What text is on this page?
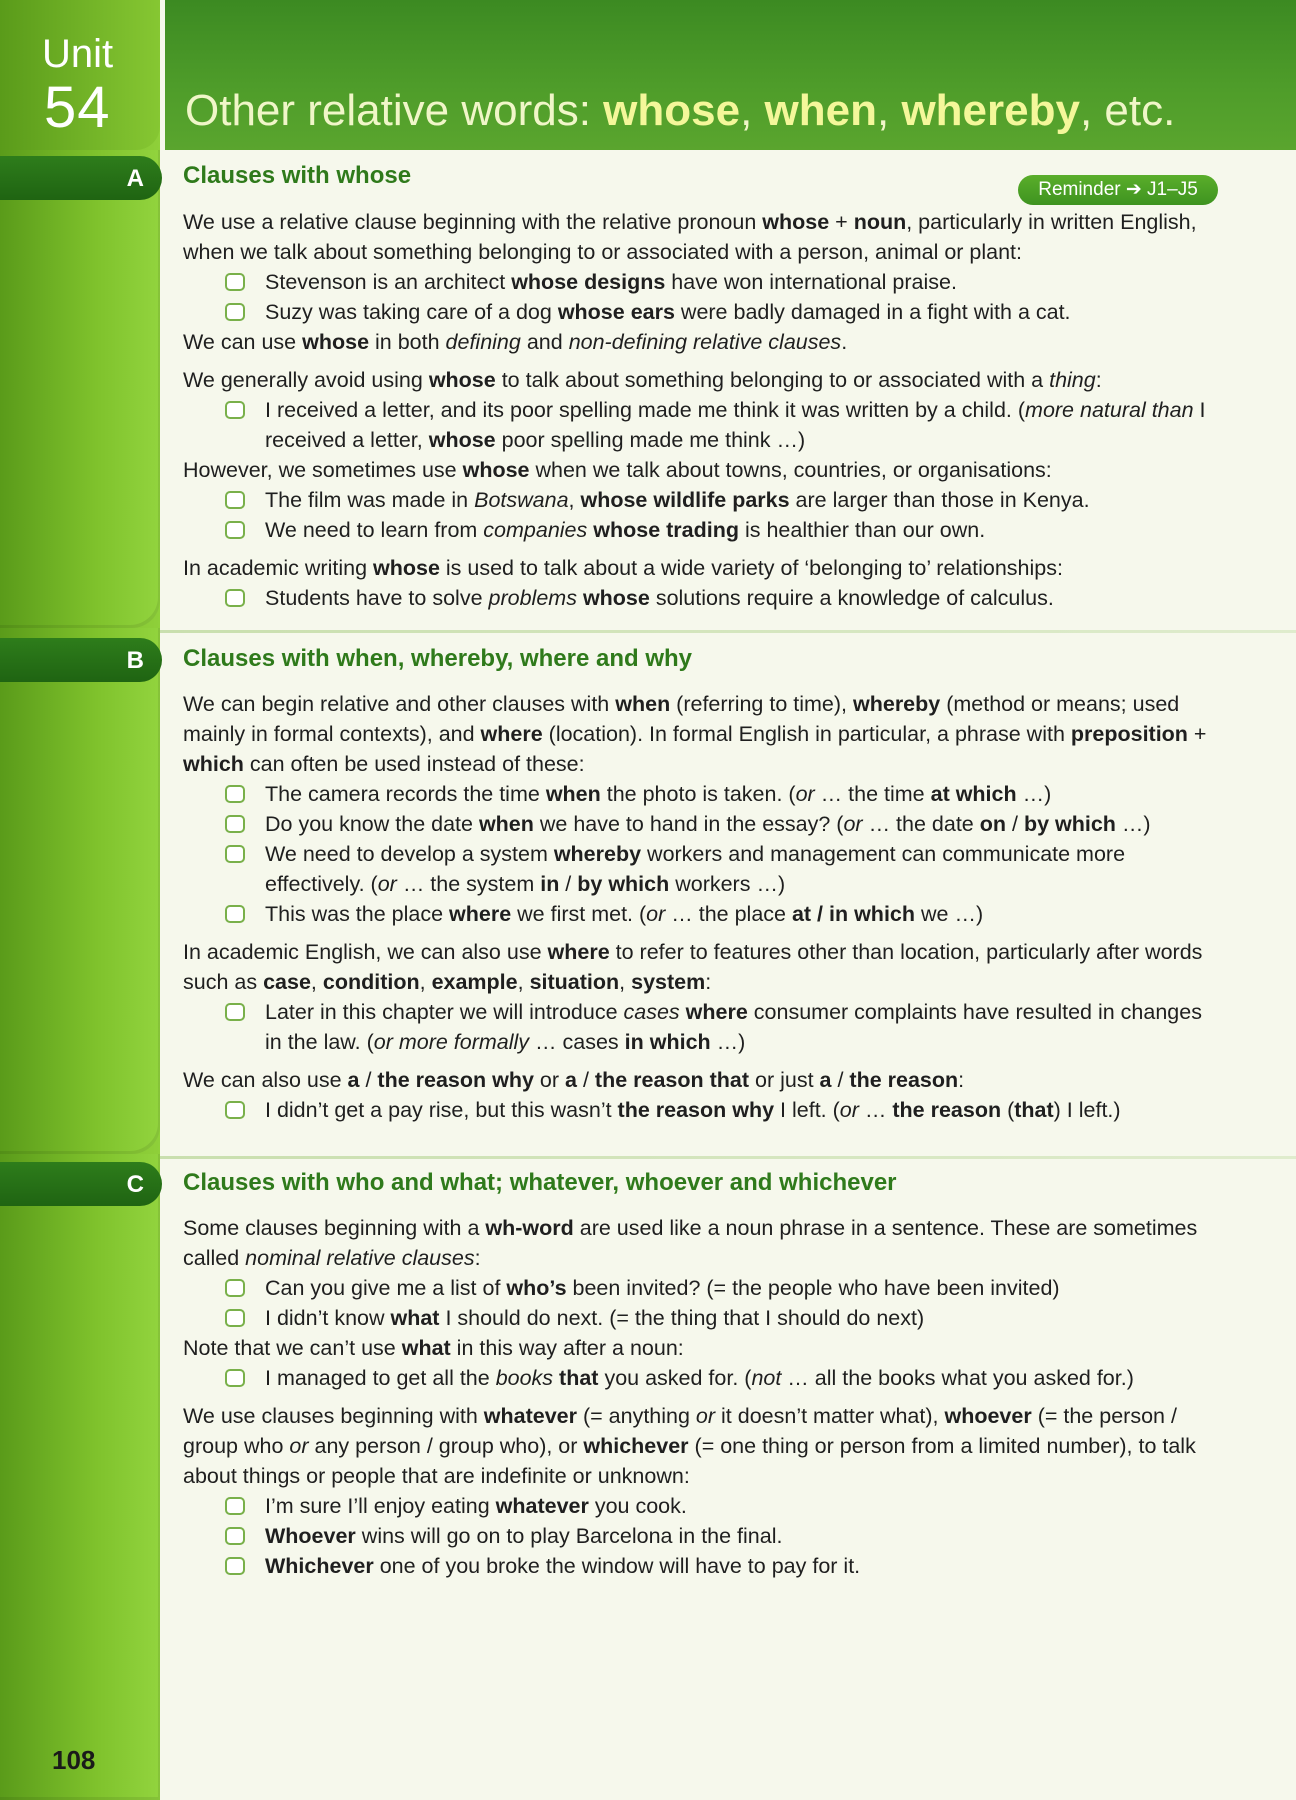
Unit
54 Other relative words: whose, when, whereby, etc.
A Clauses with whose
Reminder ➔ J1–J5

We use a relative clause beginning with the relative pronoun whose + noun, particularly in written English, when we talk about something belonging to or associated with a person, animal or plant:

Stevenson is an architect whose designs have won international praise.

Suzy was taking care of a dog whose ears were badly damaged in a fight with a cat.

We can use whose in both defining and non-defining relative clauses.

We generally avoid using whose to talk about something belonging to or associated with a thing:

I received a letter, and its poor spelling made me think it was written by a child. (more natural than I received a letter, whose poor spelling made me think …)

However, we sometimes use whose when we talk about towns, countries, or organisations:

The film was made in Botswana, whose wildlife parks are larger than those in Kenya.

We need to learn from companies whose trading is healthier than our own.

In academic writing whose is used to talk about a wide variety of ‘belonging to’ relationships:

Students have to solve problems whose solutions require a knowledge of calculus.

B Clauses with when, whereby, where and why

We can begin relative and other clauses with when (referring to time), whereby (method or means; used mainly in formal contexts), and where (location). In formal English in particular, a phrase with preposition + which can often be used instead of these:

The camera records the time when the photo is taken. (or … the time at which …)

Do you know the date when we have to hand in the essay? (or … the date on / by which …)

We need to develop a system whereby workers and management can communicate more effectively. (or … the system in / by which workers …)

This was the place where we first met. (or … the place at / in which we …)

In academic English, we can also use where to refer to features other than location, particularly after words such as case, condition, example, situation, system:

Later in this chapter we will introduce cases where consumer complaints have resulted in changes in the law. (or more formally … cases in which …)

We can also use a / the reason why or a / the reason that or just a / the reason:

I didn’t get a pay rise, but this wasn’t the reason why I left. (or … the reason (that) I left.)

C Clauses with who and what; whatever, whoever and whichever

Some clauses beginning with a wh-word are used like a noun phrase in a sentence. These are sometimes called nominal relative clauses:

Can you give me a list of who’s been invited? (= the people who have been invited)

I didn’t know what I should do next. (= the thing that I should do next)

Note that we can’t use what in this way after a noun:

I managed to get all the books that you asked for. (not … all the books what you asked for.)

We use clauses beginning with whatever (= anything or it doesn’t matter what), whoever (= the person / group who or any person / group who), or whichever (= one thing or person from a limited number), to talk about things or people that are indefinite or unknown:

I’m sure I’ll enjoy eating whatever you cook.

Whoever wins will go on to play Barcelona in the final.

Whichever one of you broke the window will have to pay for it.

108
